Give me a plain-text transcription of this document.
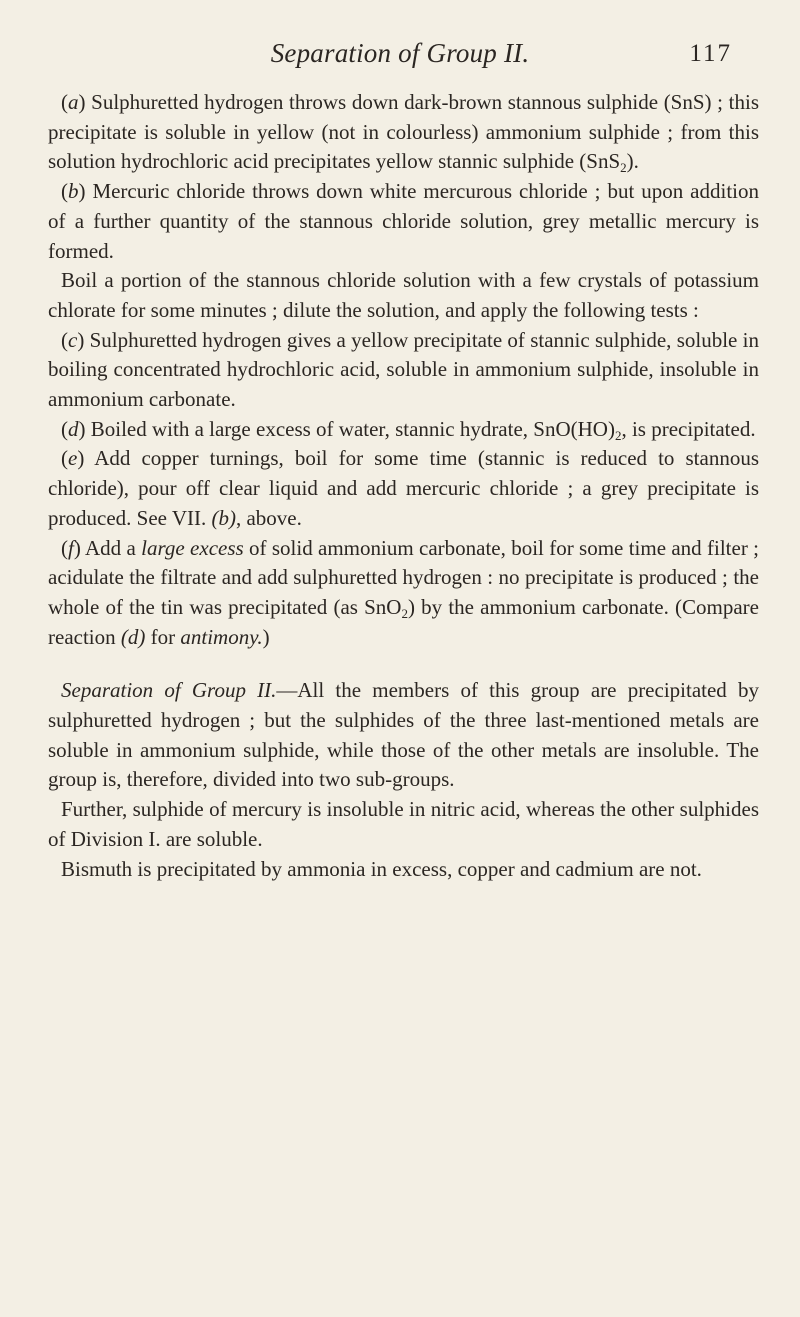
Separation of Group II.	117

(a) Sulphuretted hydrogen throws down dark-brown stannous sulphide (SnS) ; this precipitate is soluble in yellow (not in colourless) ammonium sulphide ; from this solution hydrochloric acid precipitates yellow stannic sulphide (SnS$_2$).

(b) Mercuric chloride throws down white mercurous chloride ; but upon addition of a further quantity of the stannous chloride solution, grey metallic mercury is formed.

Boil a portion of the stannous chloride solution with a few crystals of potassium chlorate for some minutes ; dilute the solution, and apply the following tests :

(c) Sulphuretted hydrogen gives a yellow precipitate of stannic sulphide, soluble in boiling concentrated hydrochloric acid, soluble in ammonium sulphide, insoluble in ammonium carbonate.

(d) Boiled with a large excess of water, stannic hydrate, $SnO(HO)_2$, is precipitated.

(e) Add copper turnings, boil for some time (stannic is reduced to stannous chloride), pour off clear liquid and add mercuric chloride ; a grey precipitate is produced. See VII. (b), above.

(f) Add a large excess of solid ammonium carbonate, boil for some time and filter ; acidulate the filtrate and add sulphuretted hydrogen : no precipitate is produced ; the whole of the tin was precipitated (as SnO$_2$) by the ammonium carbonate. (Compare reaction (d) for antimony.)

Separation of Group II.—All the members of this group are precipitated by sulphuretted hydrogen ; but the sulphides of the three last-mentioned metals are soluble in ammonium sulphide, while those of the other metals are insoluble. The group is, therefore, divided into two sub-groups.

Further, sulphide of mercury is insoluble in nitric acid, whereas the other sulphides of Division I. are soluble.

Bismuth is precipitated by ammonia in excess, copper and cadmium are not.
